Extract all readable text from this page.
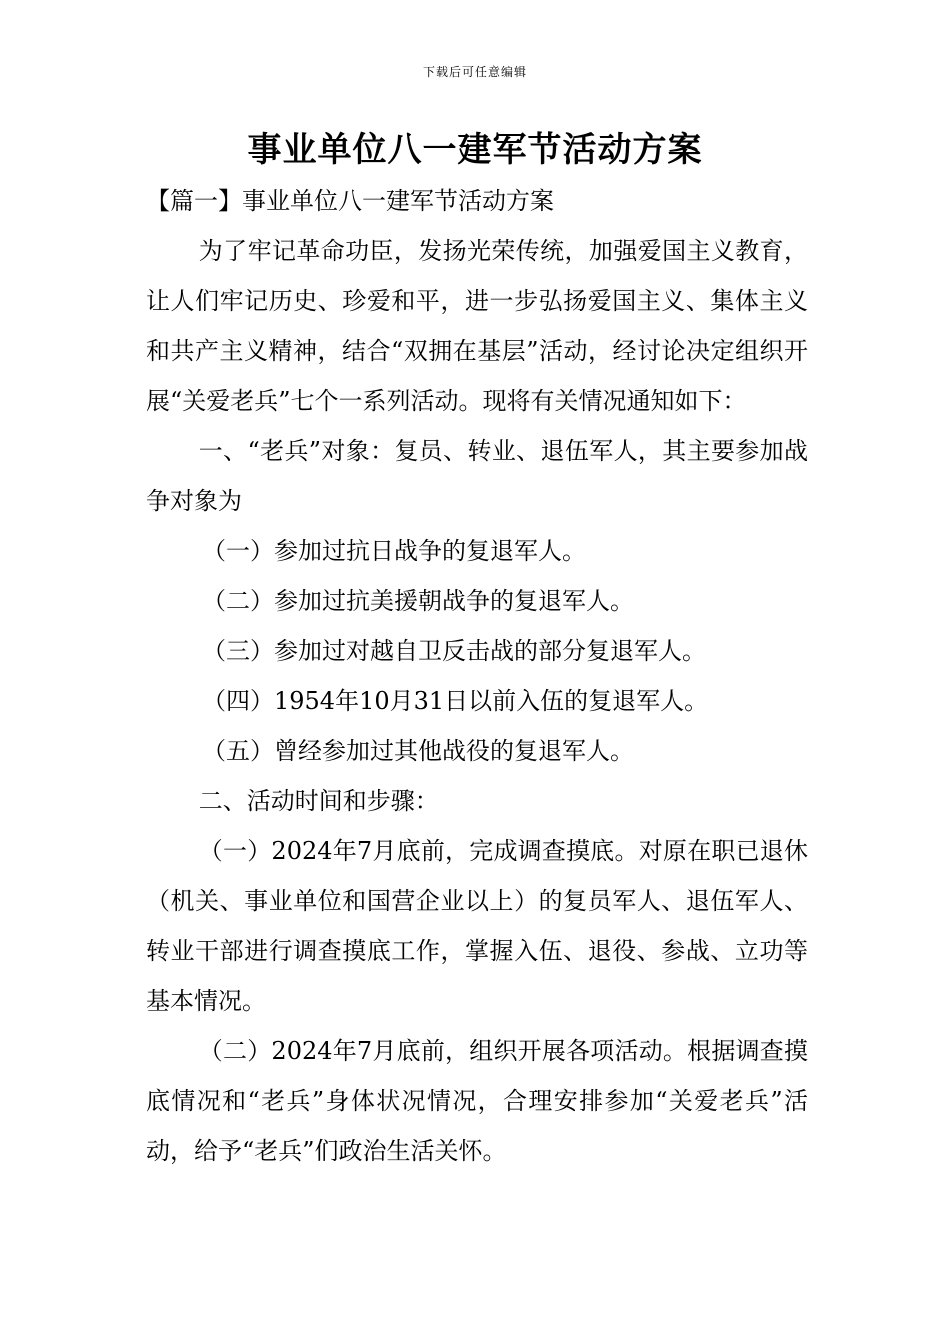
下载后可任意编辑
事业单位八一建军节活动方案

【篇一】事业单位八一建军节活动方案

为了牢记革命功臣，发扬光荣传统，加强爱国主义教育，让人们牢记历史、珍爱和平，进一步弘扬爱国主义、集体主义和共产主义精神，结合“双拥在基层”活动，经讨论决定组织开展“关爱老兵”七个一系列活动。现将有关情况通知如下：

一、“老兵”对象：复员、转业、退伍军人，其主要参加战争对象为

（一）参加过抗日战争的复退军人。

（二）参加过抗美援朝战争的复退军人。

（三）参加过对越自卫反击战的部分复退军人。

（四）1954年10月31日以前入伍的复退军人。

（五）曾经参加过其他战役的复退军人。

二、活动时间和步骤：

（一）2024年7月底前，完成调查摸底。对原在职已退休（机关、事业单位和国营企业以上）的复员军人、退伍军人、转业干部进行调查摸底工作，掌握入伍、退役、参战、立功等基本情况。

（二）2024年7月底前，组织开展各项活动。根据调查摸底情况和“老兵”身体状况情况，合理安排参加“关爱老兵”活动，给予“老兵”们政治生活关怀。
